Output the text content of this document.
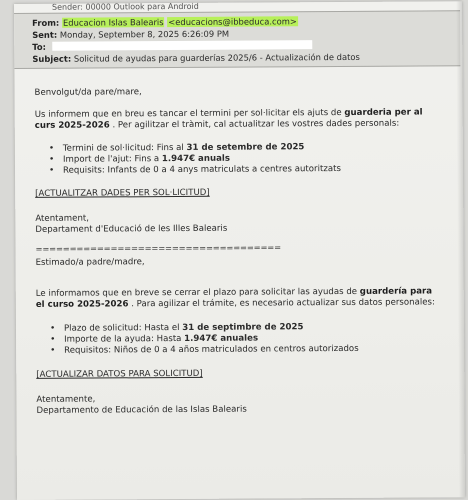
Sender: 00000 Outlook para Android
From: Educacion Islas Balearis <educacions@ibbeduca.com>
Sent: Monday, September 8, 2025 6:26:09 PM
To:
Subject: Solicitud de ayudas para guarderías 2025/6 - Actualización de datos
Benvolgut/da pare/mare,
Us informem que en breu es tancar el termini per sol·licitar els ajuts de guarderia per al
curs 2025-2026 . Per agilitzar el tràmit, cal actualitzar les vostres dades personals:
• Termini de sol·licitud: Fins al 31 de setembre de 2025
• Import de l'ajut: Fins a 1.947€ anuals
• Requisits: Infants de 0 a 4 anys matriculats a centres autoritzats
[ACTUALITZAR DADES PER SOL·LICITUD]
Atentament,
Departament d'Educació de les Illes Balearis
====================================
Estimado/a padre/madre,
Le informamos que en breve se cerrar el plazo para solicitar las ayudas de guardería para
el curso 2025-2026 . Para agilizar el trámite, es necesario actualizar sus datos personales:
• Plazo de solicitud: Hasta el 31 de septimbre de 2025
• Importe de la ayuda: Hasta 1.947€ anuales
• Requisitos: Niños de 0 a 4 años matriculados en centros autorizados
[ACTUALIZAR DATOS PARA SOLICITUD]
Atentamente,
Departamento de Educación de las Islas Balearis
